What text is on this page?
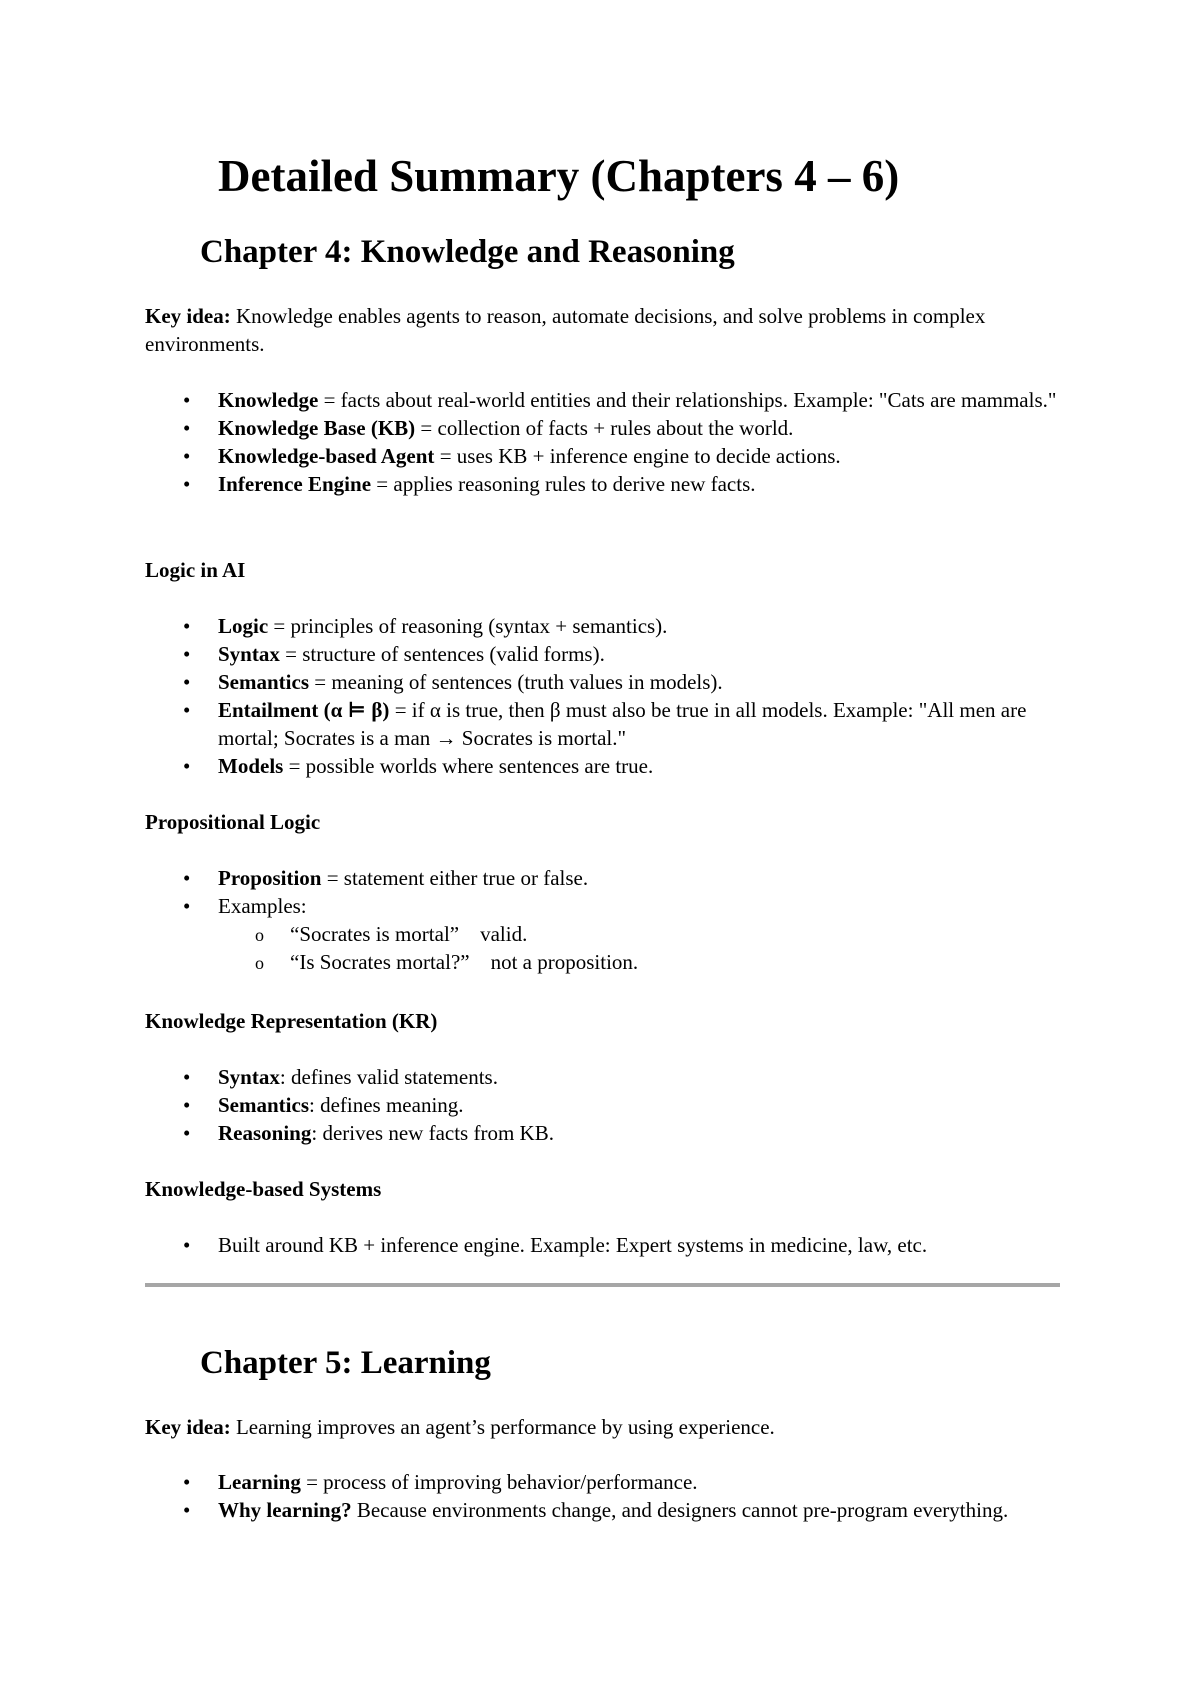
Detailed Summary (Chapters 4 – 6)
Chapter 4: Knowledge and Reasoning

Key idea: Knowledge enables agents to reason, automate decisions, and solve problems in complex environments.

• Knowledge = facts about real-world entities and their relationships. Example: "Cats are mammals."
• Knowledge Base (KB) = collection of facts + rules about the world.
• Knowledge-based Agent = uses KB + inference engine to decide actions.
• Inference Engine = applies reasoning rules to derive new facts.
Logic in AI
• Logic = principles of reasoning (syntax + semantics).
• Syntax = structure of sentences (valid forms).
• Semantics = meaning of sentences (truth values in models).
• Entailment (α ⊨ β) = if α is true, then β must also be true in all models. Example: "All men are mortal; Socrates is a man → Socrates is mortal."
• Models = possible worlds where sentences are true.
Propositional Logic
• Proposition = statement either true or false.
• Examples:
o “Socrates is mortal”    valid.
o “Is Socrates mortal?”    not a proposition.
Knowledge Representation (KR)
• Syntax: defines valid statements.
• Semantics: defines meaning.
• Reasoning: derives new facts from KB.
Knowledge-based Systems
• Built around KB + inference engine. Example: Expert systems in medicine, law, etc.
Chapter 5: Learning

Key idea: Learning improves an agent’s performance by using experience.

• Learning = process of improving behavior/performance.
• Why learning? Because environments change, and designers cannot pre-program everything.
